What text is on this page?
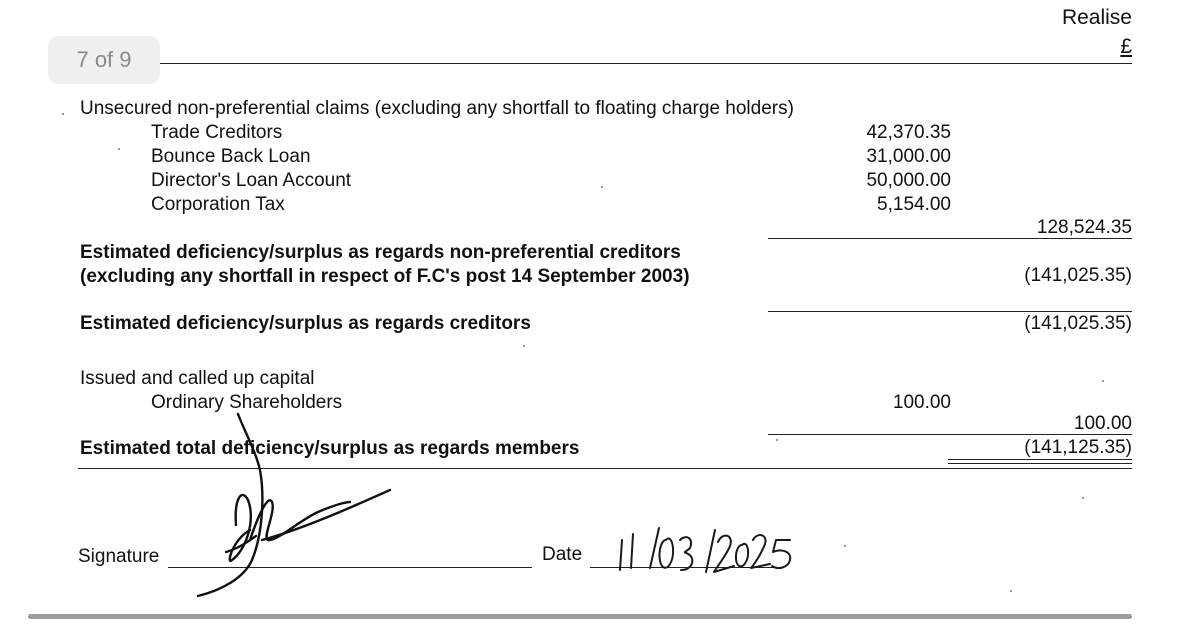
7 of 9
Realise
£
Unsecured non-preferential claims (excluding any shortfall to floating charge holders)
Trade Creditors	42,370.35
Bounce Back Loan	31,000.00
Director's Loan Account	50,000.00
Corporation Tax	5,154.00
128,524.35
Estimated deficiency/surplus as regards non-preferential creditors
(excluding any shortfall in respect of F.C's post 14 September 2003)	(141,025.35)
Estimated deficiency/surplus as regards creditors	(141,025.35)
Issued and called up capital
Ordinary Shareholders	100.00
100.00
Estimated total deficiency/surplus as regards members	(141,125.35)
Signature	Date
